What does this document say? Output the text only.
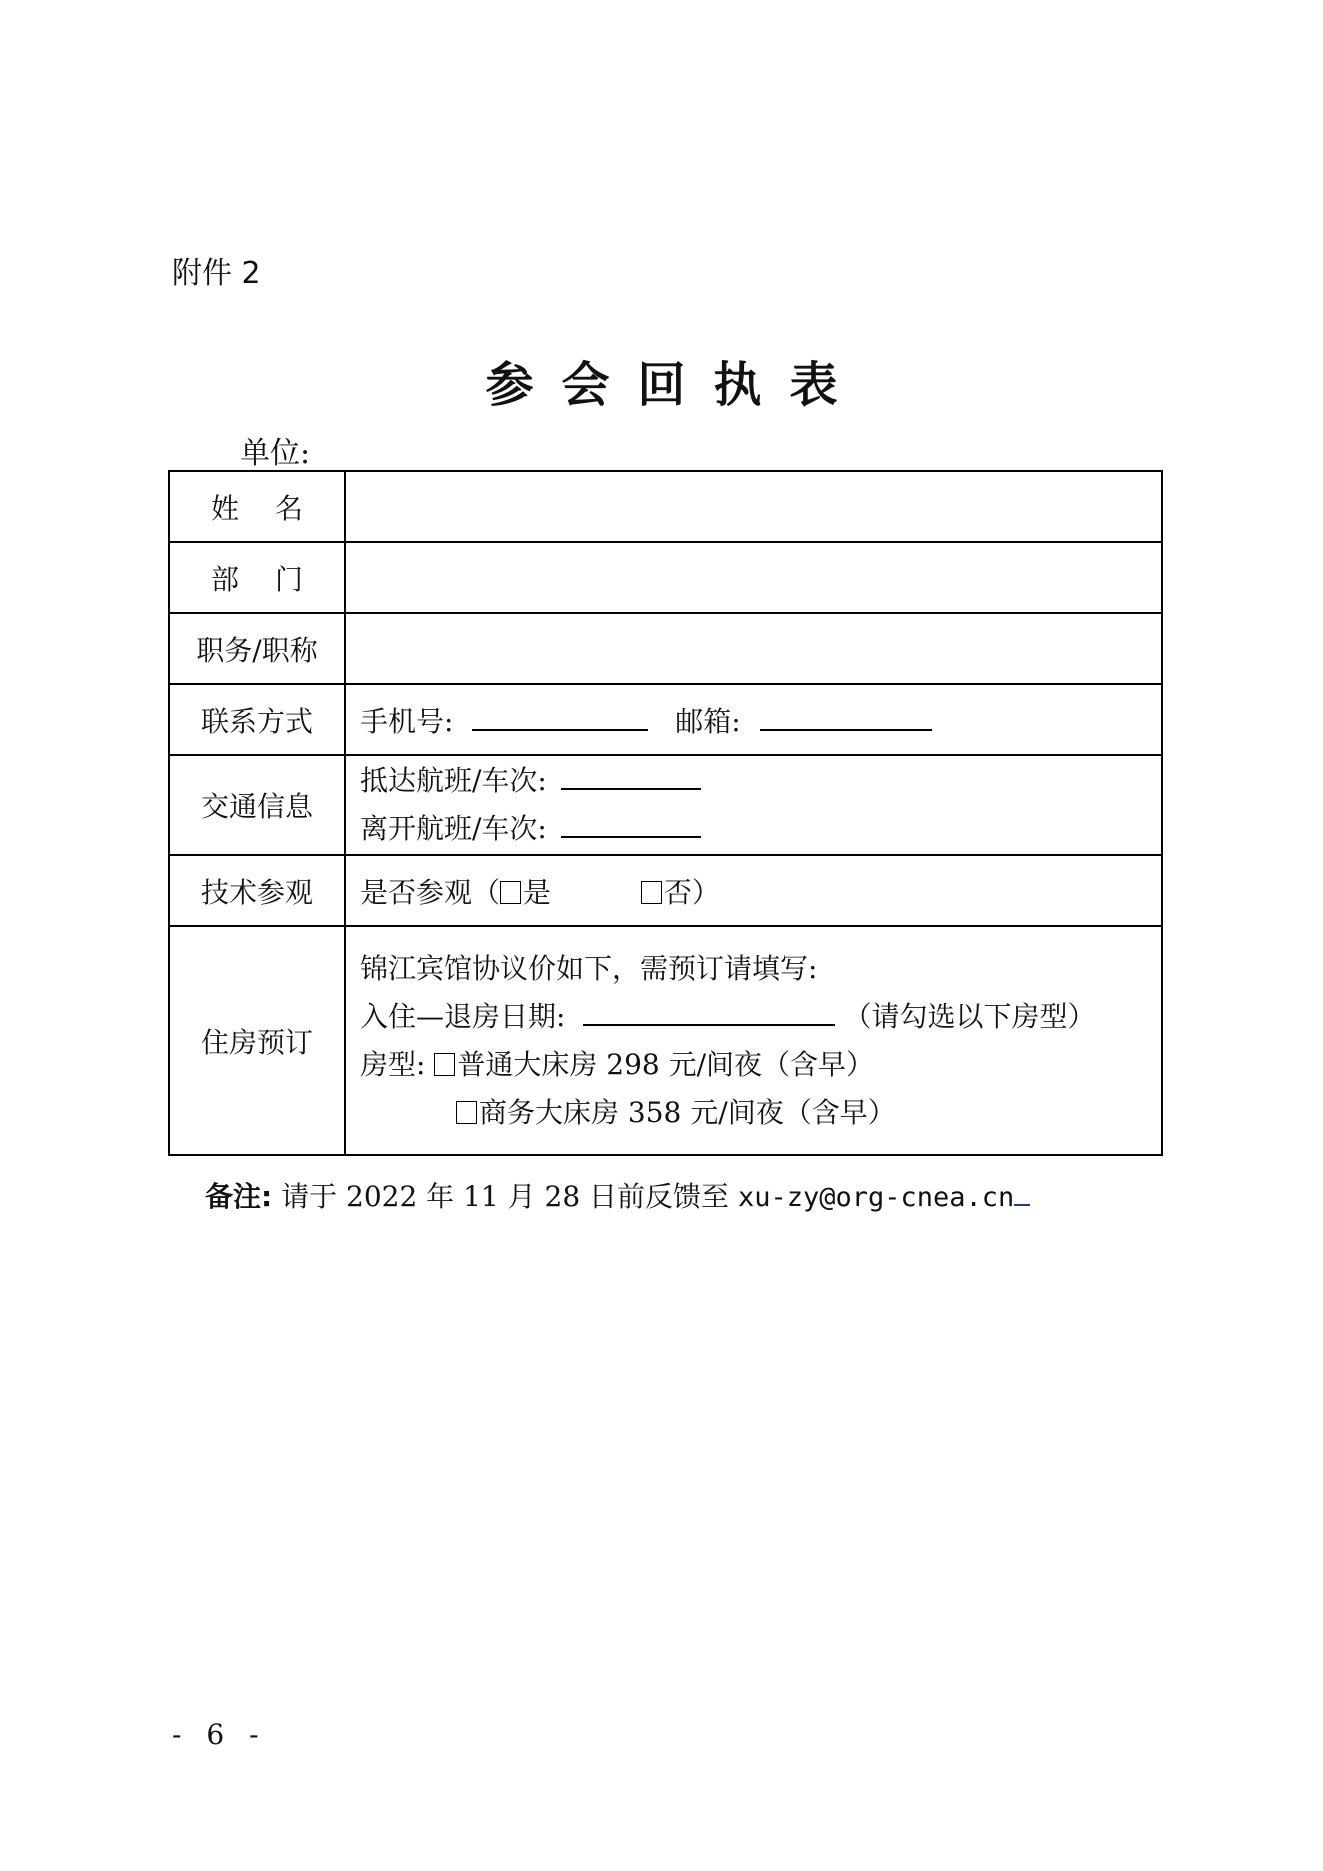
附件 2
参会回执表
单位:
姓名	
部门	
职务/职称	
联系方式	手机号: 邮箱:
交通信息	抵达航班/车次:
离开航班/车次:

技术参观	是否参观（ 是 否）
住房预订	锦江宾馆协议价如下，需预订请填写:
入住—退房日期: （请勾选以下房型）
房型: 普通大床房 298 元/间夜（含早）
商务大床房 358 元/间夜（含早）
备注: 请于 2022 年 11 月 28 日前反馈至 xu-zy@org-cnea.cn
- 6 -
